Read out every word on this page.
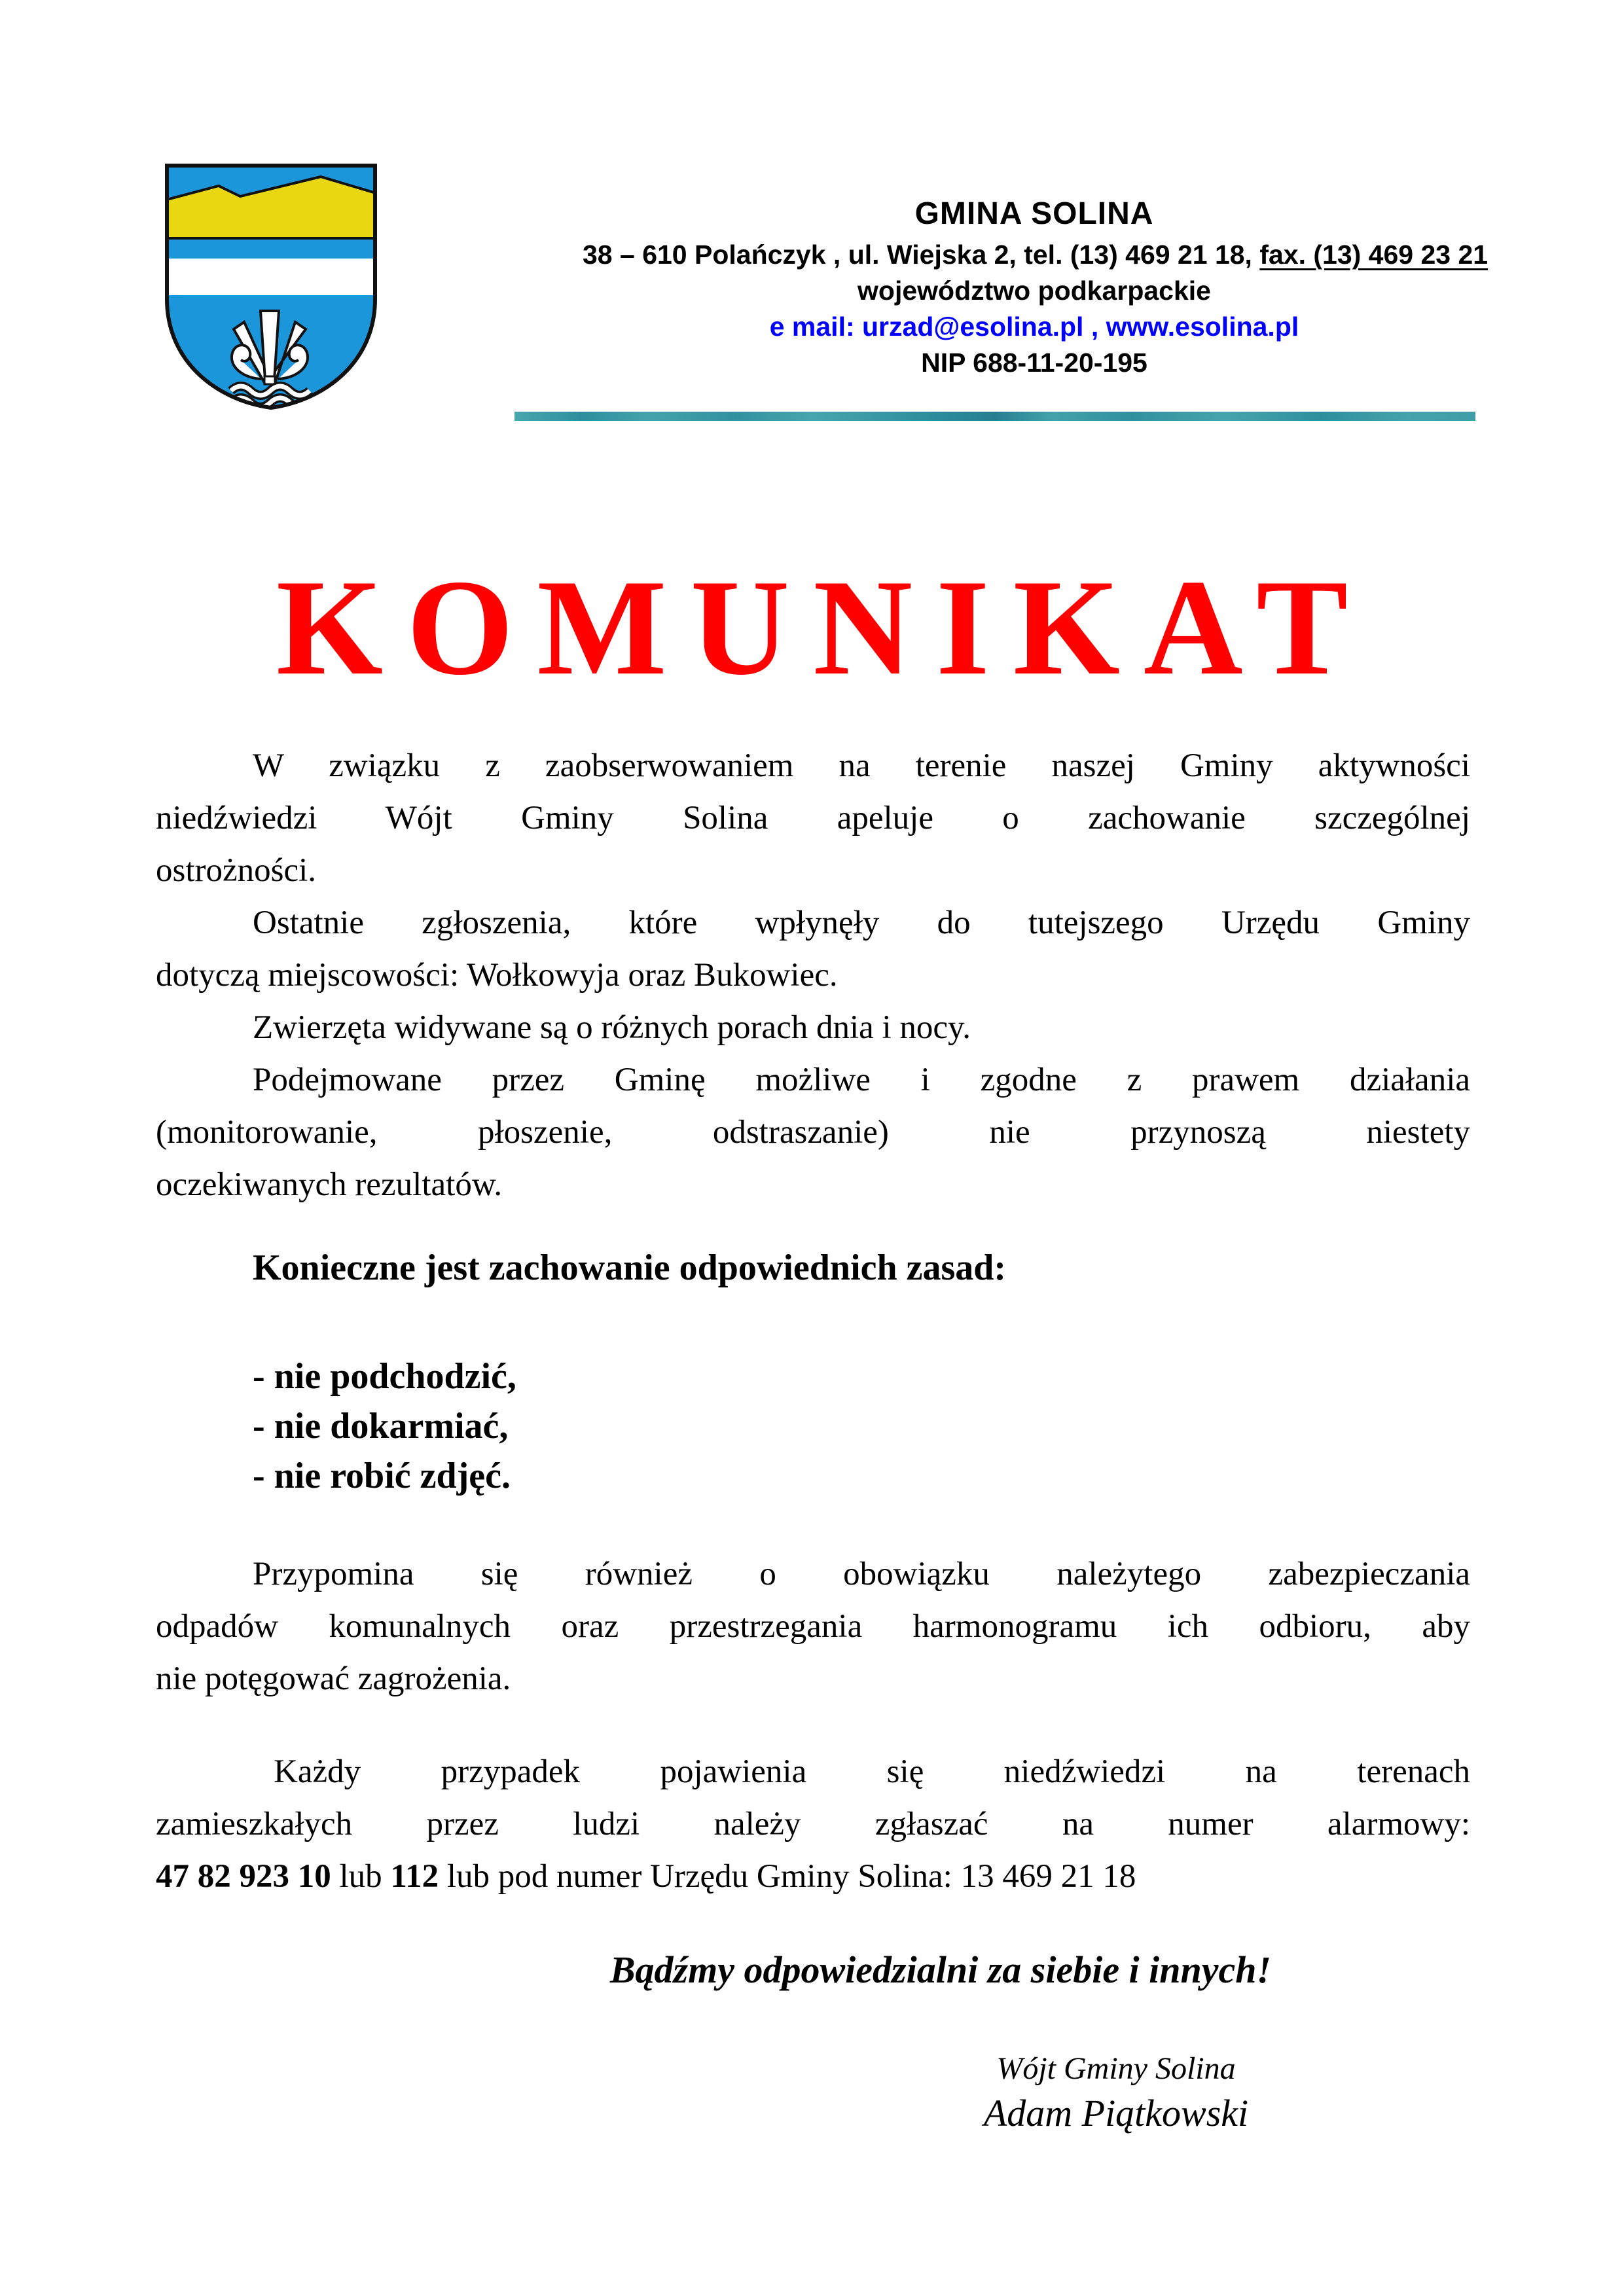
GMINA SOLINA
38 – 610 Polańczyk , ul. Wiejska 2, tel. (13) 469 21 18, fax. (13) 469 23 21
województwo podkarpackie
e mail: urzad@esolina.pl , www.esolina.pl
NIP 688-11-20-195
KOMUNIKAT
W związku z zaobserwowaniem na terenie naszej Gminy aktywności
niedźwiedzi Wójt Gminy Solina apeluje o zachowanie szczególnej
ostrożności.
Ostatnie zgłoszenia, które wpłynęły do tutejszego Urzędu Gminy
dotyczą miejscowości: Wołkowyja oraz Bukowiec.
Zwierzęta widywane są o różnych porach dnia i nocy.
Podejmowane przez Gminę możliwe i zgodne z prawem działania
(monitorowanie, płoszenie, odstraszanie) nie przynoszą niestety
oczekiwanych rezultatów.
Konieczne jest zachowanie odpowiednich zasad:
- nie podchodzić,
- nie dokarmiać,
- nie robić zdjęć.
Przypomina się również o obowiązku należytego zabezpieczania
odpadów komunalnych oraz przestrzegania harmonogramu ich odbioru, aby
nie potęgować zagrożenia.
Każdy przypadek pojawienia się niedźwiedzi na terenach
zamieszkałych przez ludzi należy zgłaszać na numer alarmowy:
47 82 923 10 lub 112 lub pod numer Urzędu Gminy Solina: 13 469 21 18
Bądźmy odpowiedzialni za siebie i innych!
Wójt Gminy Solina
Adam Piątkowski
